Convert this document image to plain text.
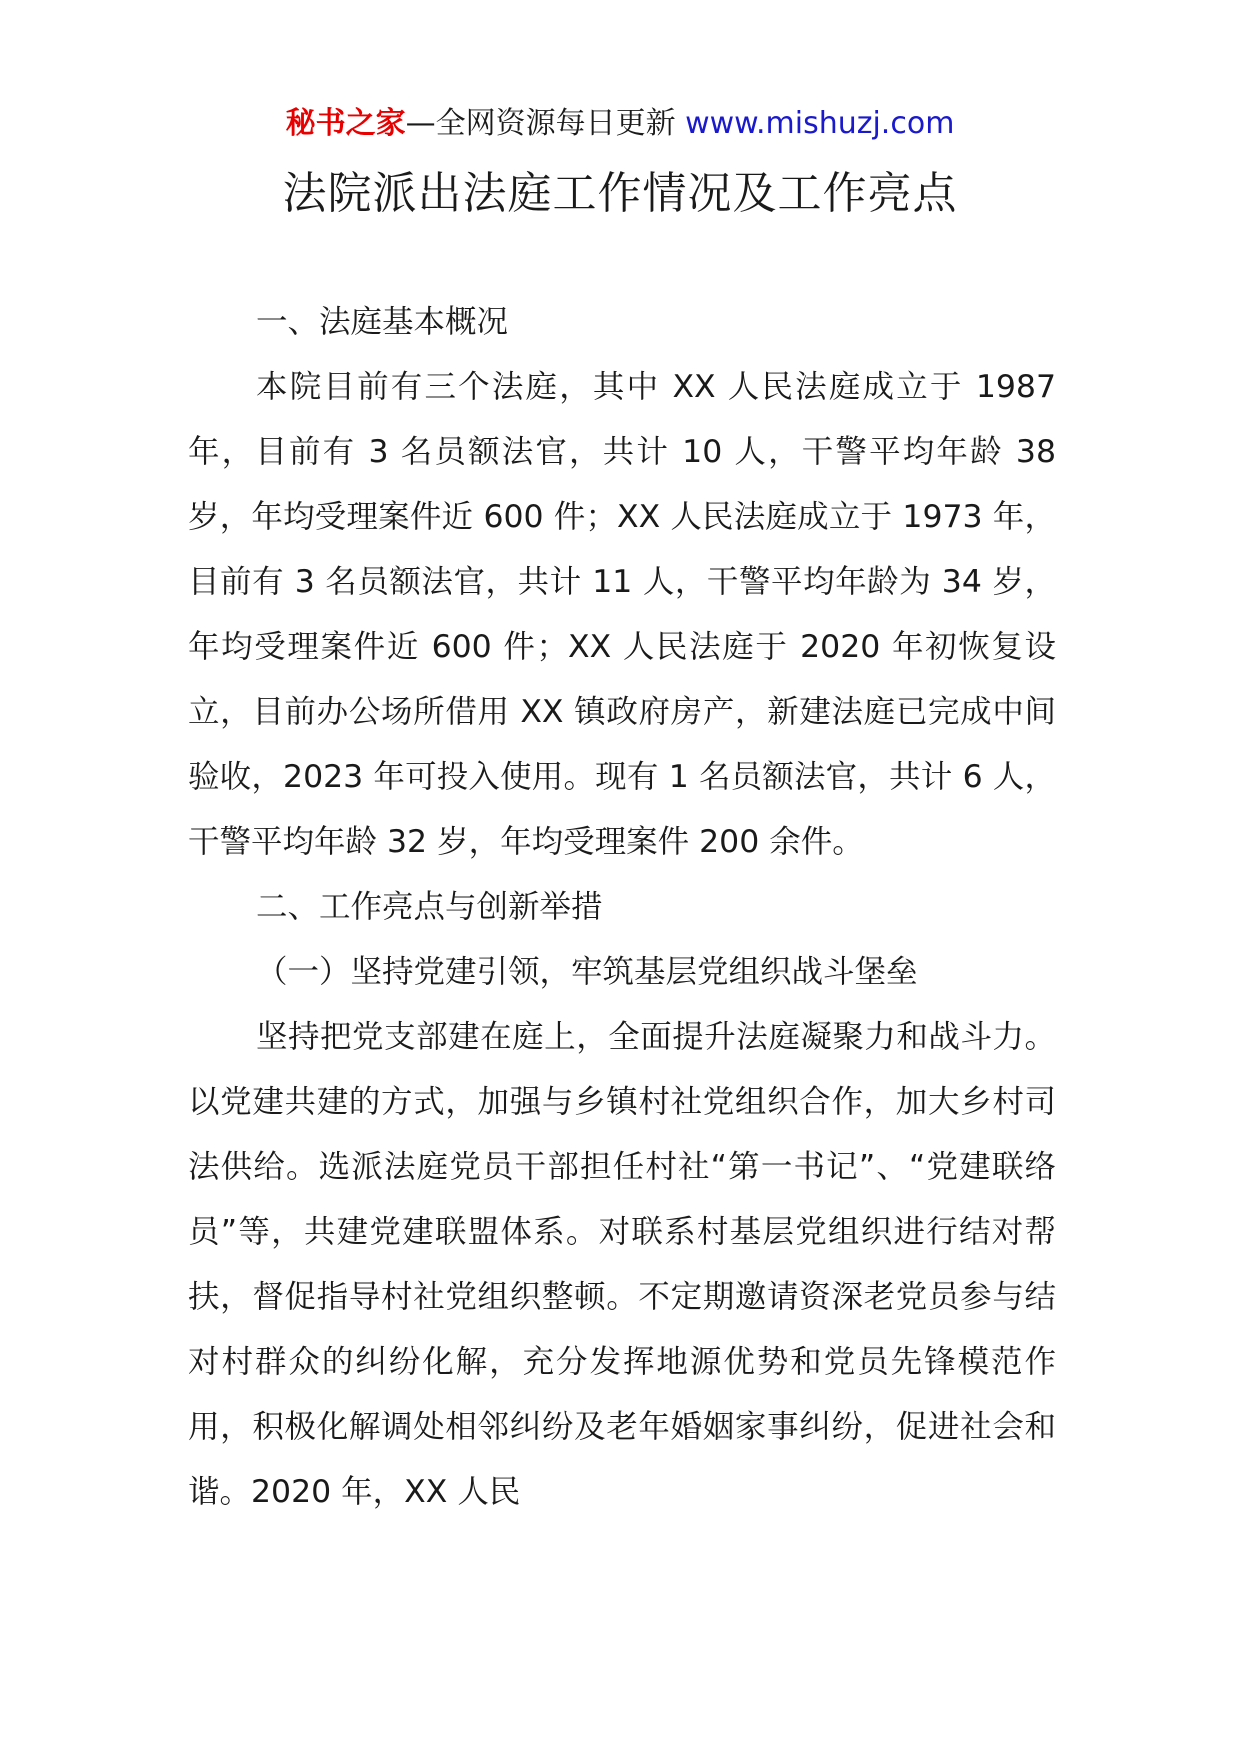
秘书之家—全网资源每日更新 www.mishuzj.com
法院派出法庭工作情况及工作亮点

一、法庭基本概况

本院目前有三个法庭，其中 XX 人民法庭成立于 1987 年，目前有 3 名员额法官，共计 10 人，干警平均年龄 38 岁，年均受理案件近 600 件；XX 人民法庭成立于 1973 年，目前有 3 名员额法官，共计 11 人，干警平均年龄为 34 岁，年均受理案件近 600 件；XX 人民法庭于 2020 年初恢复设立，目前办公场所借用 XX 镇政府房产，新建法庭已完成中间验收，2023 年可投入使用。现有 1 名员额法官，共计 6 人，干警平均年龄 32 岁，年均受理案件 200 余件。

二、工作亮点与创新举措

（一）坚持党建引领，牢筑基层党组织战斗堡垒

坚持把党支部建在庭上，全面提升法庭凝聚力和战斗力。以党建共建的方式，加强与乡镇村社党组织合作，加大乡村司法供给。选派法庭党员干部担任村社“第一书记”、“党建联络员”等，共建党建联盟体系。对联系村基层党组织进行结对帮扶，督促指导村社党组织整顿。不定期邀请资深老党员参与结对村群众的纠纷化解，充分发挥地源优势和党员先锋模范作用，积极化解调处相邻纠纷及老年婚姻家事纠纷，促进社会和谐。2020 年，XX 人民
